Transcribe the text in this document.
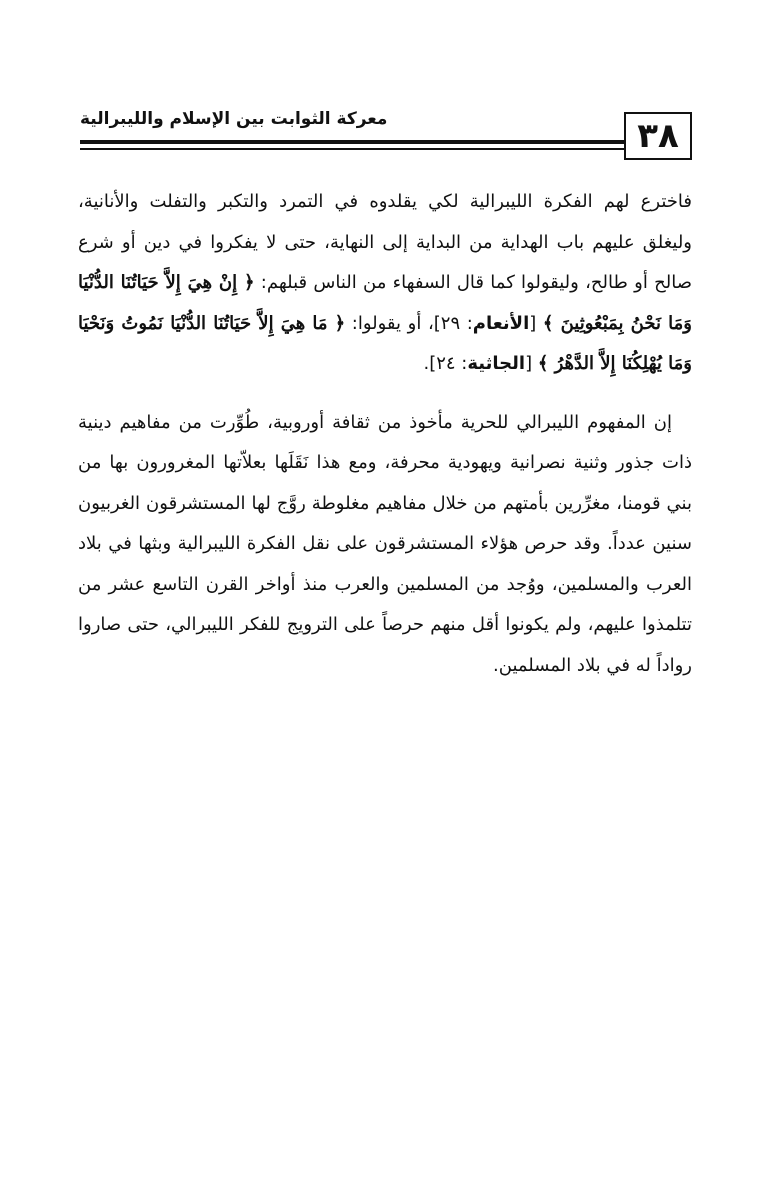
٣٨
معركة الثوابت بين الإسلام والليبرالية

فاخترع لهم الفكرة الليبرالية لكي يقلدوه في التمرد والتكبر والتفلت والأنانية، وليغلق عليهم باب الهداية من البداية إلى النهاية، حتى لا يفكروا في دين أو شرع صالح أو طالح، وليقولوا كما قال السفهاء من الناس قبلهم: ﴿ إِنْ هِيَ إِلاَّ حَيَاتُنَا الدُّنْيَا وَمَا نَحْنُ بِمَبْعُوثِينَ ﴾ [الأنعام: ٢٩]، أو يقولوا: ﴿ مَا هِيَ إِلاَّ حَيَاتُنَا الدُّنْيَا نَمُوتُ وَنَحْيَا وَمَا يُهْلِكُنَا إِلاَّ الدَّهْرُ ﴾ [الجاثية: ٢٤].

إن المفهوم الليبرالي للحرية مأخوذ من ثقافة أوروبية، طُوِّرت من مفاهيم دينية ذات جذور وثنية نصرانية ويهودية محرفة، ومع هذا نَقَلَها بعلاّتها المغرورون بها من بني قومنا، مغرِّرين بأمتهم من خلال مفاهيم مغلوطة روَّج لها المستشرقون الغربيون سنين عدداً. وقد حرص هؤلاء المستشرقون على نقل الفكرة الليبرالية وبثها في بلاد العرب والمسلمين، ووُجد من المسلمين والعرب منذ أواخر القرن التاسع عشر من تتلمذوا عليهم، ولم يكونوا أقل منهم حرصاً على الترويج للفكر الليبرالي، حتى صاروا رواداً له في بلاد المسلمين.
